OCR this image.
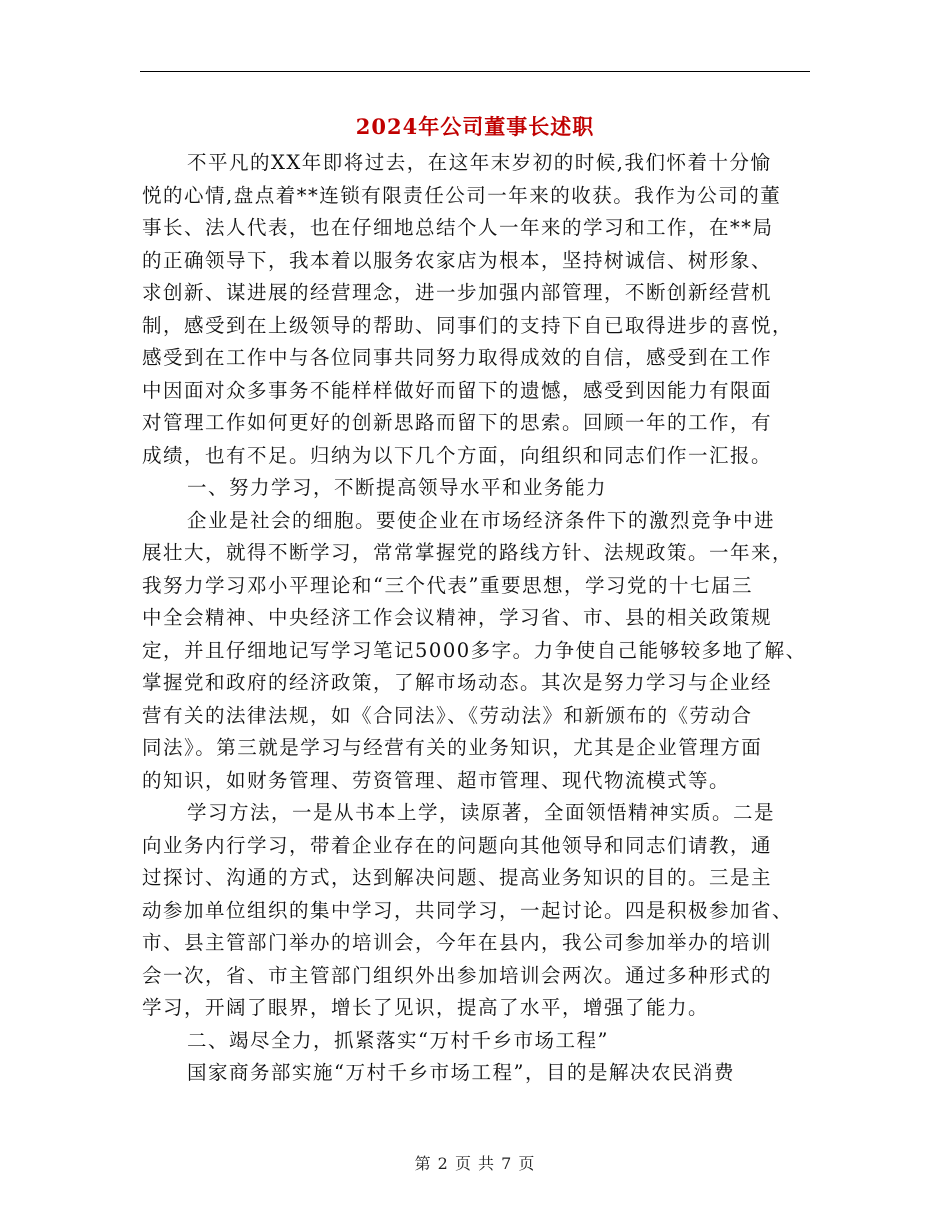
2024年公司董事长述职
不平凡的XX年即将过去，在这年末岁初的时候,我们怀着十分愉
悦的心情,盘点着**连锁有限责任公司一年来的收获。我作为公司的董
事长、法人代表，也在仔细地总结个人一年来的学习和工作，在**局
的正确领导下，我本着以服务农家店为根本，坚持树诚信、树形象、
求创新、谋进展的经营理念，进一步加强内部管理，不断创新经营机
制，感受到在上级领导的帮助、同事们的支持下自已取得进步的喜悦，
感受到在工作中与各位同事共同努力取得成效的自信，感受到在工作
中因面对众多事务不能样样做好而留下的遗憾，感受到因能力有限面
对管理工作如何更好的创新思路而留下的思索。回顾一年的工作，有
成绩，也有不足。归纳为以下几个方面，向组织和同志们作一汇报。
一、努力学习，不断提高领导水平和业务能力
企业是社会的细胞。要使企业在市场经济条件下的激烈竞争中进
展壮大，就得不断学习，常常掌握党的路线方针、法规政策。一年来，
我努力学习邓小平理论和“三个代表”重要思想，学习党的十七届三
中全会精神、中央经济工作会议精神，学习省、市、县的相关政策规
定，并且仔细地记写学习笔记5000多字。力争使自己能够较多地了解、
掌握党和政府的经济政策，了解市场动态。其次是努力学习与企业经
营有关的法律法规，如《合同法》、《劳动法》和新颁布的《劳动合
同法》。第三就是学习与经营有关的业务知识，尤其是企业管理方面
的知识，如财务管理、劳资管理、超市管理、现代物流模式等。
学习方法，一是从书本上学，读原著，全面领悟精神实质。二是
向业务内行学习，带着企业存在的问题向其他领导和同志们请教，通
过探讨、沟通的方式，达到解决问题、提高业务知识的目的。三是主
动参加单位组织的集中学习，共同学习，一起讨论。四是积极参加省、
市、县主管部门举办的培训会，今年在县内，我公司参加举办的培训
会一次，省、市主管部门组织外出参加培训会两次。通过多种形式的
学习，开阔了眼界，增长了见识，提高了水平，增强了能力。
二、竭尽全力，抓紧落实“万村千乡市场工程”
国家商务部实施“万村千乡市场工程”，目的是解决农民消费
第 2 页 共 7 页
